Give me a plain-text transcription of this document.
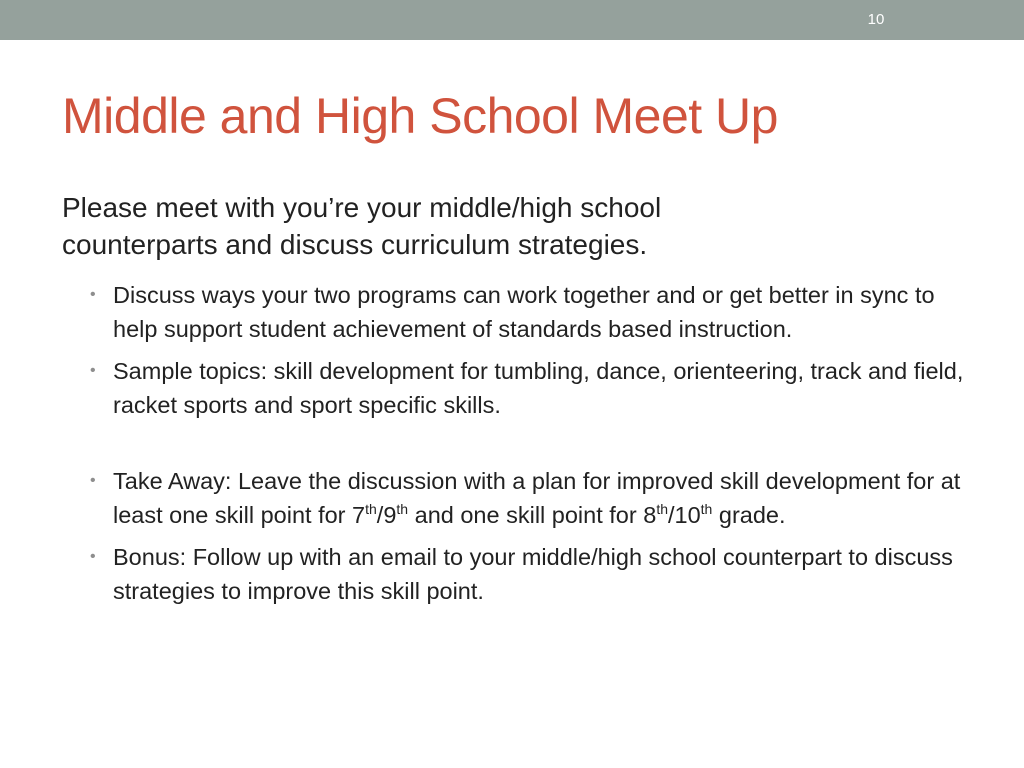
10
Middle and High School Meet Up

Please meet with you’re your middle/high school
counterparts and discuss curriculum strategies.

• Discuss ways your two programs can work together and or get better in sync to help support student achievement of standards based instruction.
• Sample topics: skill development for tumbling, dance, orienteering, track and field, racket sports and sport specific skills.
• Take Away: Leave the discussion with a plan for improved skill development for at least one skill point for 7th/9th and one skill point for 8th/10th grade.
• Bonus: Follow up with an email to your middle/high school counterpart to discuss strategies to improve this skill point.
